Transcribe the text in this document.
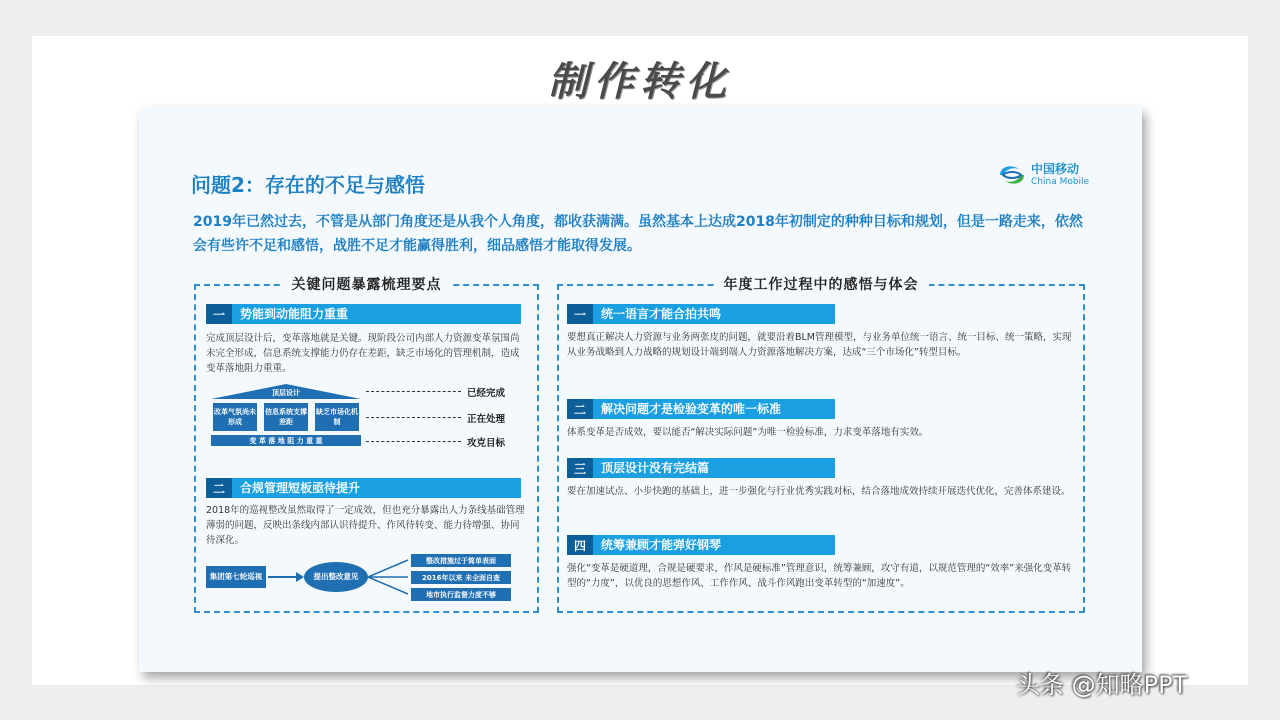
制作转化
问题2：存在的不足与感悟
中国移动
China Mobile
2019年已然过去，不管是从部门角度还是从我个人角度，都收获满满。虽然基本上达成2018年初制定的种种目标和规划，但是一路走来，依然会有些许不足和感悟，战胜不足才能赢得胜利，细品感悟才能取得发展。
关键问题暴露梳理要点
一	势能到动能阻力重重
完成顶层设计后，变革落地就是关键。现阶段公司内部人力资源变革氛围尚未完全形成，信息系统支撑能力仍存在差距，缺乏市场化的管理机制，造成变革落地阻力重重。
顶层设计
改革气氛尚未形成
信息系统支撑差距
缺乏市场化机制
变 革 落 地 阻 力 重 重
已经完成
正在处理
攻克目标
二	合规管理短板亟待提升
2018年的巡视整改虽然取得了一定成效，但也充分暴露出人力条线基础管理薄弱的问题，反映出条线内部认识待提升、作风待转变、能力待增强、协同待深化。
集团第七轮巡视	提出整改意见
整改措施过于简单表面
2016年以来 未全面自查
地市执行监督力度不够
年度工作过程中的感悟与体会
一	统一语言才能合拍共鸣
要想真正解决人力资源与业务两张皮的问题，就要沿着BLM管理模型，与业务单位统一语言、统一目标、统一策略，实现从业务战略到人力战略的规划设计端到端人力资源落地解决方案，达成“三个市场化”转型目标。
二	解决问题才是检验变革的唯一标准
体系变革是否成效，要以能否“解决实际问题”为唯一检验标准，力求变革落地有实效。
三	顶层设计没有完结篇
要在加速试点、小步快跑的基础上，进一步强化与行业优秀实践对标，结合落地成效持续开展迭代优化，完善体系建设。
四	统筹兼顾才能弹好钢琴
强化“变革是硬道理，合规是硬要求，作风是硬标准”管理意识，统筹兼顾，攻守有道，以规范管理的“效率”来强化变革转型的“力度”，以优良的思想作风、工作作风、战斗作风跑出变革转型的“加速度”。
头条 @知略PPT
